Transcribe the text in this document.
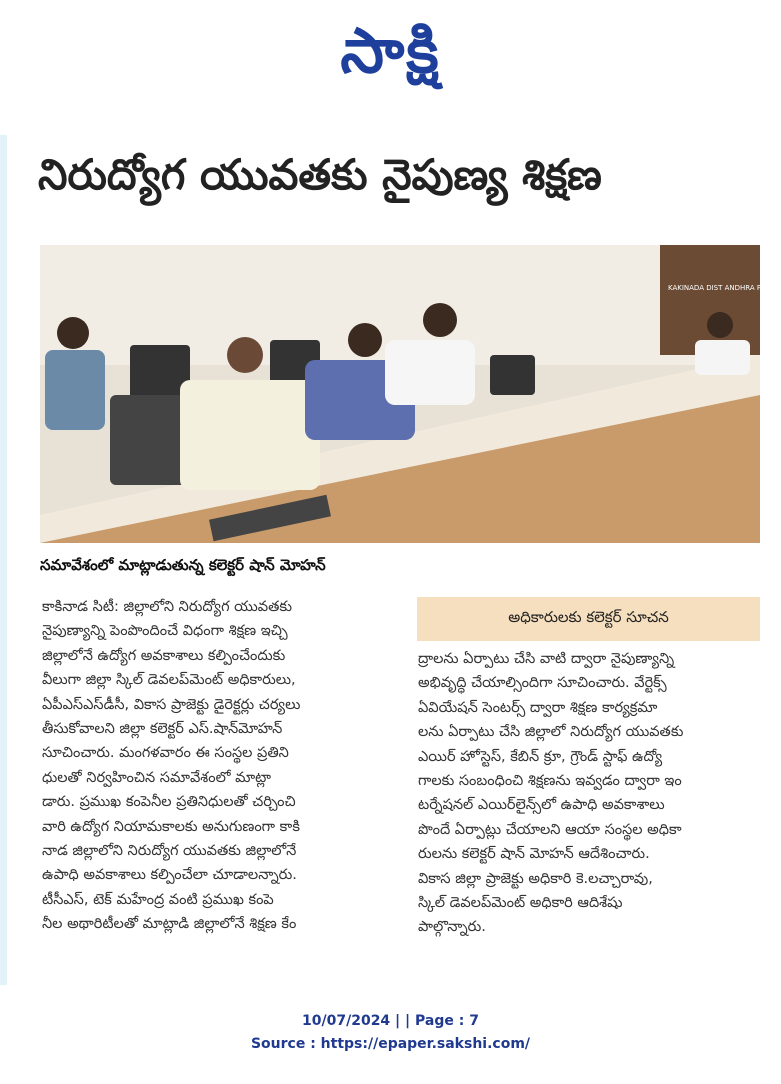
సాక్షి
నిరుద్యోగ యువతకు నైపుణ్య శిక్షణ
KAKINADA DIST ANDHRA PRADE
సమావేశంలో మాట్లాడుతున్న కలెక్టర్ షాన్ మోహన్
కాకినాడ సిటీ: జిల్లాలోని నిరుద్యోగ యువతకు
నైపుణ్యాన్ని పెంపొందించే విధంగా శిక్షణ ఇచ్చి
జిల్లాలోనే ఉద్యోగ అవకాశాలు కల్పించేందుకు
వీలుగా జిల్లా స్కిల్ డెవలప్‌మెంట్ అధికారులు,
ఏపీఎస్‌ఎస్‌డీసీ, వికాస ప్రాజెక్టు డైరెక్టర్లు చర్యలు
తీసుకోవాలని జిల్లా కలెక్టర్ ఎస్.షాన్‌మోహన్
సూచించారు. మంగళవారం ఈ సంస్థల ప్రతిని
ధులతో నిర్వహించిన సమావేశంలో మాట్లా
డారు. ప్రముఖ కంపెనీల ప్రతినిధులతో చర్చించి
వారి ఉద్యోగ నియామకాలకు అనుగుణంగా కాకి
నాడ జిల్లాలోని నిరుద్యోగ యువతకు జిల్లాలోనే
ఉపాధి అవకాశాలు కల్పించేలా చూడాలన్నారు.
టీసీఎస్, టెక్ మహేంద్ర వంటి ప్రముఖ కంపె
నీల అథారిటీలతో మాట్లాడి జిల్లాలోనే శిక్షణ కేం
అధికారులకు కలెక్టర్ సూచన
ద్రాలను ఏర్పాటు చేసి వాటి ద్వారా నైపుణ్యాన్ని
అభివృద్ధి చేయాల్సిందిగా సూచించారు. వేర్టెక్స్
ఏవియేషన్ సెంటర్స్ ద్వారా శిక్షణ కార్యక్రమా
లను ఏర్పాటు చేసి జిల్లాలో నిరుద్యోగ యువతకు
ఎయిర్ హోస్టెస్, కేబిన్ క్రూ, గ్రౌండ్ స్టాఫ్ ఉద్యో
గాలకు సంబంధించి శిక్షణను ఇవ్వడం ద్వారా ఇం
టర్నేషనల్ ఎయిర్‌లైన్స్‌లో ఉపాధి అవకాశాలు
పొందే ఏర్పాట్లు చేయాలని ఆయా సంస్థల అధికా
రులను కలెక్టర్ షాన్ మోహన్ ఆదేశించారు.
వికాస జిల్లా ప్రాజెక్టు అధికారి కె.లచ్చారావు,
స్కిల్ డెవలప్‌మెంట్ అధికారి ఆదిశేషు
పాల్గొన్నారు.
10/07/2024 | | Page : 7
Source : https://epaper.sakshi.com/
